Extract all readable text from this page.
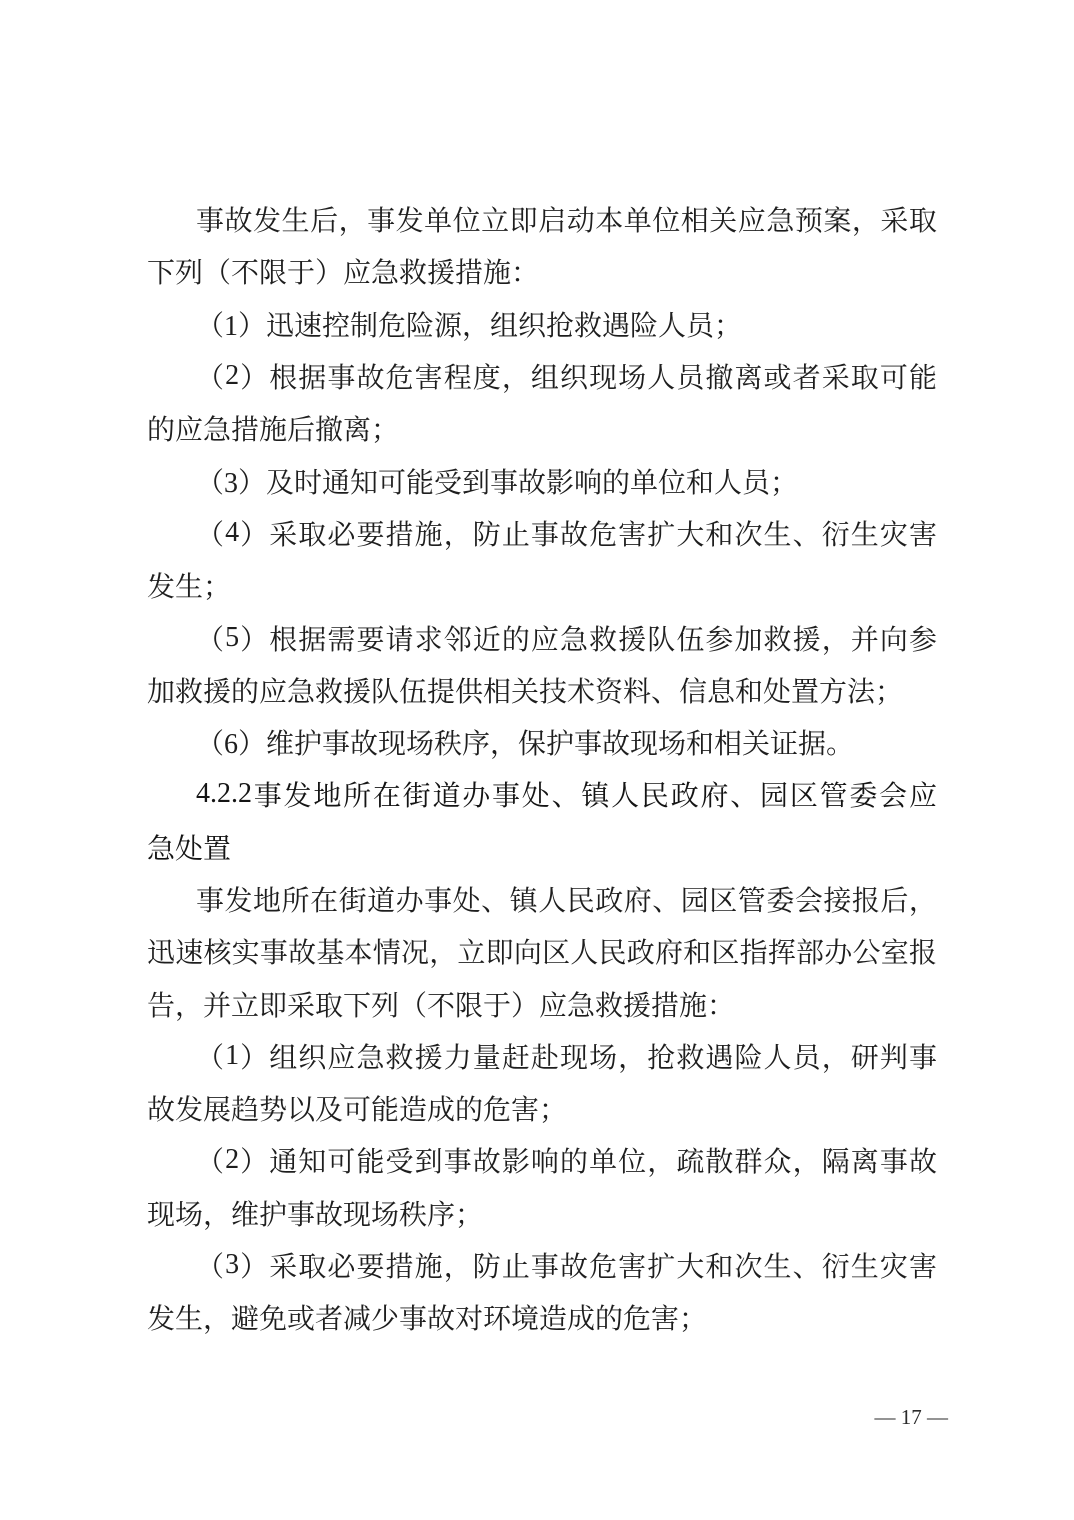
事 故 发 生 后 ， 事 发 单 位 立 即 启 动 本 单 位 相 关 应 急 预 案 ， 采 取
下列（不限于）应急救援措施：
（1）迅速控制危险源，组织抢救遇险人员；
（ 2 ） 根 据 事 故 危 害 程 度 ， 组 织 现 场 人 员 撤 离 或 者 采 取 可 能
的应急措施后撤离；
（3）及时通知可能受到事故影响的单位和人员；
（ 4 ） 采 取 必 要 措 施 ， 防 止 事 故 危 害 扩 大 和 次 生 、 衍 生 灾 害
发生；
（ 5 ） 根 据 需 要 请 求 邻 近 的 应 急 救 援 队 伍 参 加 救 援 ， 并 向 参
加救援的应急救援队伍提供相关技术资料、信息和处置方法；
（6）维护事故现场秩序，保护事故现场和相关证据。
4.2.2 事 发 地 所 在 街 道 办 事 处 、 镇 人 民 政 府 、 园 区 管 委 会 应
急处置
事 发 地 所 在 街 道 办 事 处 、 镇 人 民 政 府 、 园 区 管 委 会 接 报 后 ，
迅 速 核 实 事 故 基 本 情 况 ， 立 即 向 区 人 民 政 府 和 区 指 挥 部 办 公 室 报
告，并立即采取下列（不限于）应急救援措施：
（ 1 ） 组 织 应 急 救 援 力 量 赶 赴 现 场 ， 抢 救 遇 险 人 员 ， 研 判 事
故发展趋势以及可能造成的危害；
（ 2 ） 通 知 可 能 受 到 事 故 影 响 的 单 位 ， 疏 散 群 众 ， 隔 离 事 故
现场，维护事故现场秩序；
（ 3 ） 采 取 必 要 措 施 ， 防 止 事 故 危 害 扩 大 和 次 生 、 衍 生 灾 害
发生，避免或者减少事故对环境造成的危害；
— 17 —
